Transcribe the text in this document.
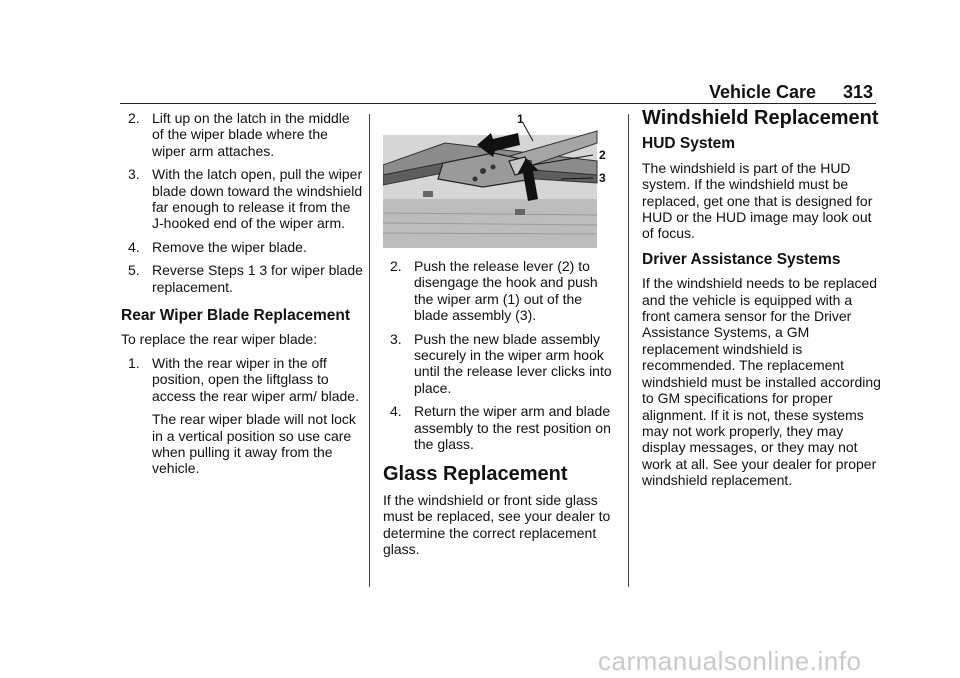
Vehicle Care 313
2. Lift up on the latch in the middle of the wiper blade where the wiper arm attaches.
3. With the latch open, pull the wiper blade down toward the windshield far enough to release it from the J-hooked end of the wiper arm.
4. Remove the wiper blade.
5. Reverse Steps 1 3 for wiper blade replacement.
Rear Wiper Blade Replacement

To replace the rear wiper blade:

1. With the rear wiper in the off position, open the liftglass to access the rear wiper arm/ blade.

The rear wiper blade will not lock in a vertical position so use care when pulling it away from the vehicle.

1
2
3
2. Push the release lever (2) to disengage the hook and push the wiper arm (1) out of the blade assembly (3).
3. Push the new blade assembly securely in the wiper arm hook until the release lever clicks into place.
4. Return the wiper arm and blade assembly to the rest position on the glass.
Glass Replacement

If the windshield or front side glass must be replaced, see your dealer to determine the correct replacement glass.

Windshield Replacement
HUD System

The windshield is part of the HUD system. If the windshield must be replaced, get one that is designed for HUD or the HUD image may look out of focus.

Driver Assistance Systems

If the windshield needs to be replaced and the vehicle is equipped with a front camera sensor for the Driver Assistance Systems, a GM replacement windshield is recommended. The replacement windshield must be installed according to GM specifications for proper alignment. If it is not, these systems may not work properly, they may display messages, or they may not work at all. See your dealer for proper windshield replacement.

carmanualsonline.info
